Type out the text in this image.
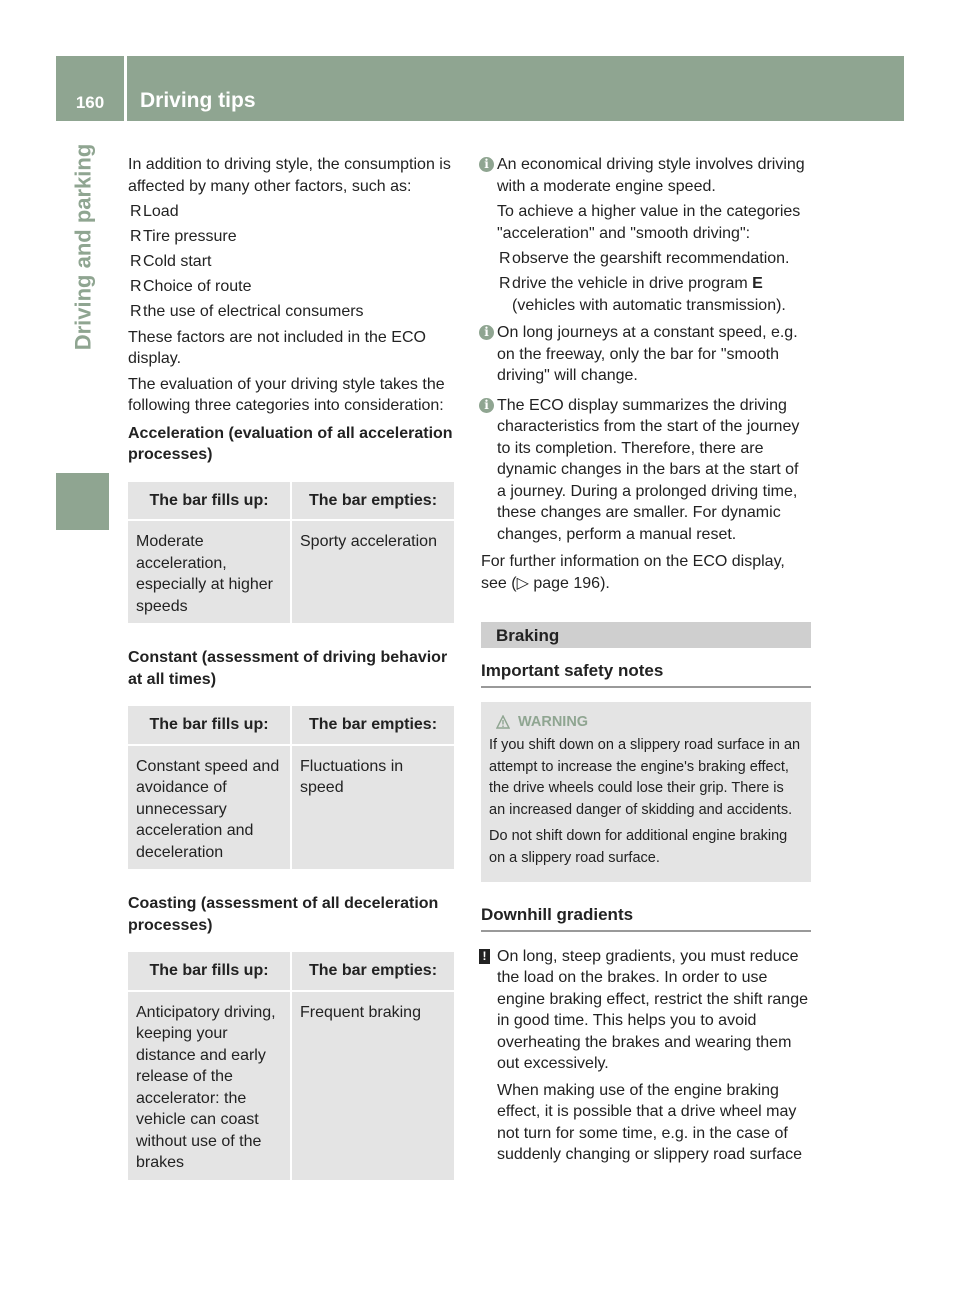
160	Driving tips
Driving and parking In addition to driving style, the consumption is affected by many other factors, such as:

R Load
R Tire pressure
R Cold start
R Choice of route
R the use of electrical consumers

These factors are not included in the ECO display.

The evaluation of your driving style takes the following three categories into consideration:

Acceleration (evaluation of all acceleration processes)
The bar fills up:	The bar empties:
Moderate acceleration, especially at higher speeds	Sporty acceleration
Constant (assessment of driving behavior at all times)
The bar fills up:	The bar empties:
Constant speed and avoidance of unnecessary acceleration and deceleration	Fluctuations in speed
Coasting (assessment of all deceleration processes)
The bar fills up:	The bar empties:
Anticipatory driving, keeping your distance and early release of the accelerator: the vehicle can coast without use of the brakes	Frequent braking
i An economical driving style involves driving with a moderate engine speed.

To achieve a higher value in the categories "acceleration" and "smooth driving":

R observe the gearshift recommendation.
R drive the vehicle in drive program E (vehicles with automatic transmission).
i On long journeys at a constant speed, e.g. on the freeway, only the bar for "smooth driving" will change.

i The ECO display summarizes the driving characteristics from the start of the journey to its completion. Therefore, there are dynamic changes in the bars at the start of a journey. During a prolonged driving time, these changes are smaller. For dynamic changes, perform a manual reset.

For further information on the ECO display, see (▷ page 196).

Braking
Important safety notes
WARNING

If you shift down on a slippery road surface in an attempt to increase the engine's braking effect, the drive wheels could lose their grip. There is an increased danger of skidding and accidents.

Do not shift down for additional engine braking on a slippery road surface.

Downhill gradients
! On long, steep gradients, you must reduce the load on the brakes. In order to use engine braking effect, restrict the shift range in good time. This helps you to avoid overheating the brakes and wearing them out excessively.

When making use of the engine braking effect, it is possible that a drive wheel may not turn for some time, e.g. in the case of suddenly changing or slippery road surface
